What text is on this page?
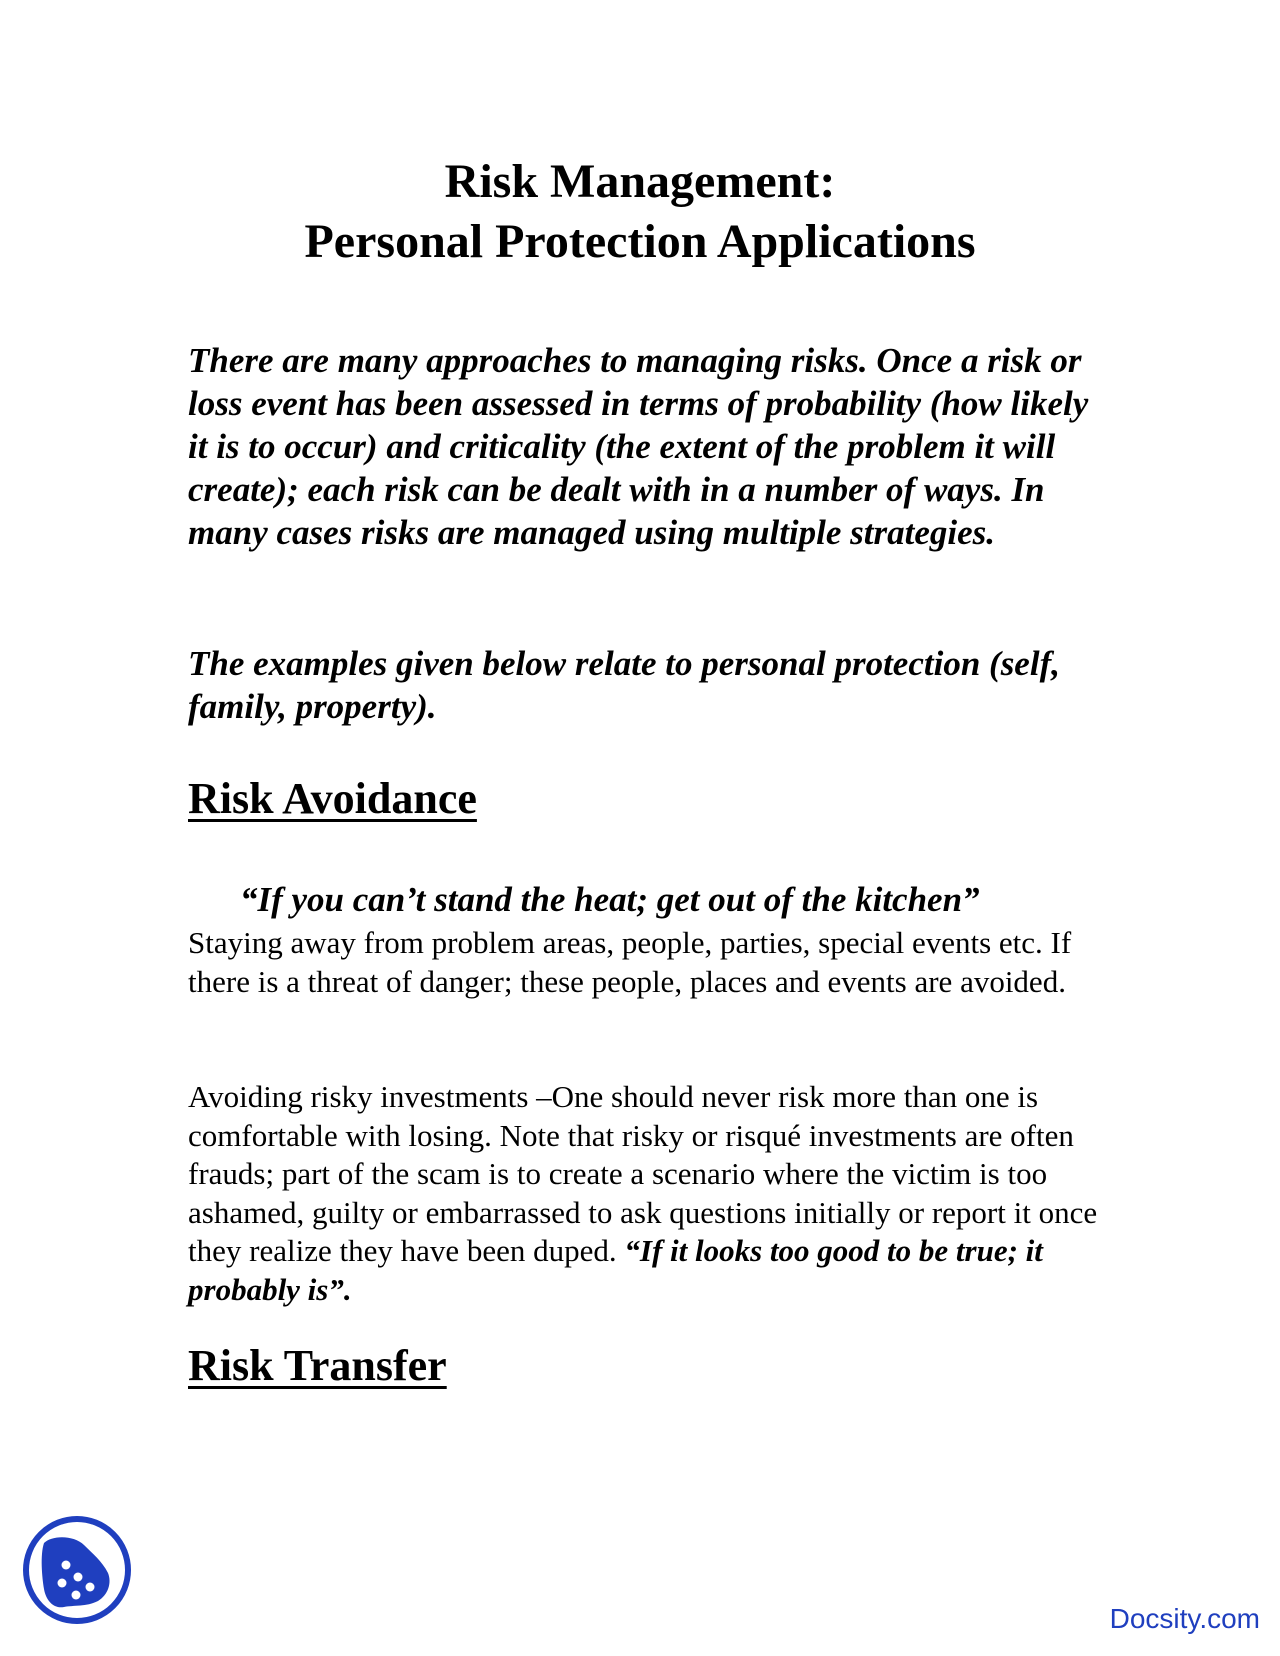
Risk Management:
Personal Protection Applications

There are many approaches to managing risks. Once a risk or loss event has been assessed in terms of probability (how likely it is to occur) and criticality (the extent of the problem it will create); each risk can be dealt with in a number of ways. In many cases risks are managed using multiple strategies.

The examples given below relate to personal protection (self, family, property).

Risk Avoidance

“If you can’t stand the heat; get out of the kitchen”

Staying away from problem areas, people, parties, special events etc. If there is a threat of danger; these people, places and events are avoided.

Avoiding risky investments –One should never risk more than one is comfortable with losing. Note that risky or risqué investments are often frauds; part of the scam is to create a scenario where the victim is too ashamed, guilty or embarrassed to ask questions initially or report it once they realize they have been duped. “If it looks too good to be true; it probably is”.

Risk Transfer
Docsity.com
